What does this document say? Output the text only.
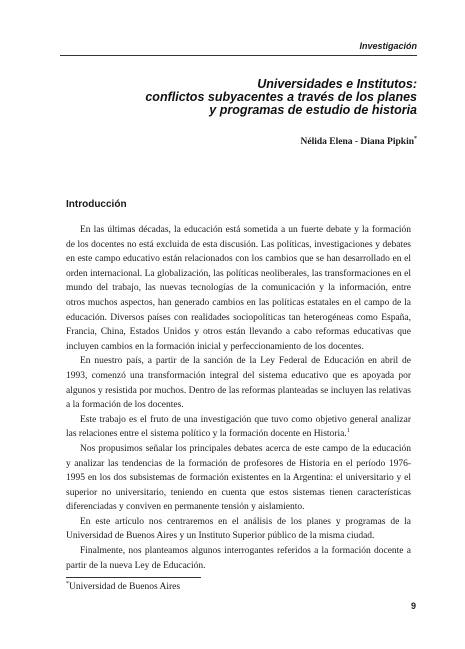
Investigación
Universidades e Institutos:
conflictos subyacentes a través de los planes
y programas de estudio de historia
Nélida Elena - Diana Pipkin*
Introducción

En las últimas décadas, la educación está sometida a un fuerte debate y la formación de los docentes no está excluida de esta discusión. Las políticas, investigaciones y debates en este campo educativo están relacionados con los cambios que se han desarrollado en el orden internacional. La globalización, las políticas neoliberales, las transformaciones en el mundo del trabajo, las nuevas tecnologías de la comunicación y la información, entre otros muchos aspectos, han generado cambios en las políticas estatales en el campo de la educación. Diversos países con realidades sociopolíticas tan heterogéneas como España, Francia, China, Estados Unidos y otros están llevando a cabo reformas educativas que incluyen cambios en la formación inicial y perfeccionamiento de los docentes.

En nuestro país, a partir de la sanción de la Ley Federal de Educación en abril de 1993, comenzó una transformación integral del sistema educativo que es apoyada por algunos y resistida por muchos. Dentro de las reformas planteadas se incluyen las relativas a la formación de los docentes.

Este trabajo es el fruto de una investigación que tuvo como objetivo general analizar las relaciones entre el sistema político y la formación docente en Historia.$^1$

Nos propusimos señalar los principales debates acerca de este campo de la educación y analizar las tendencias de la formación de profesores de Historia en el período 1976-1995 en los dos subsistemas de formación existentes en la Argentina: el universitario y el superior no universitario, teniendo en cuenta que estos sistemas tienen características diferenciadas y conviven en permanente tensión y aislamiento.

En este artículo nos centraremos en el análisis de los planes y programas de la Universidad de Buenos Aires y un Instituto Superior público de la misma ciudad.

Finalmente, nos planteamos algunos interrogantes referidos a la formación docente a partir de la nueva Ley de Educación.

*Universidad de Buenos Aires
9
